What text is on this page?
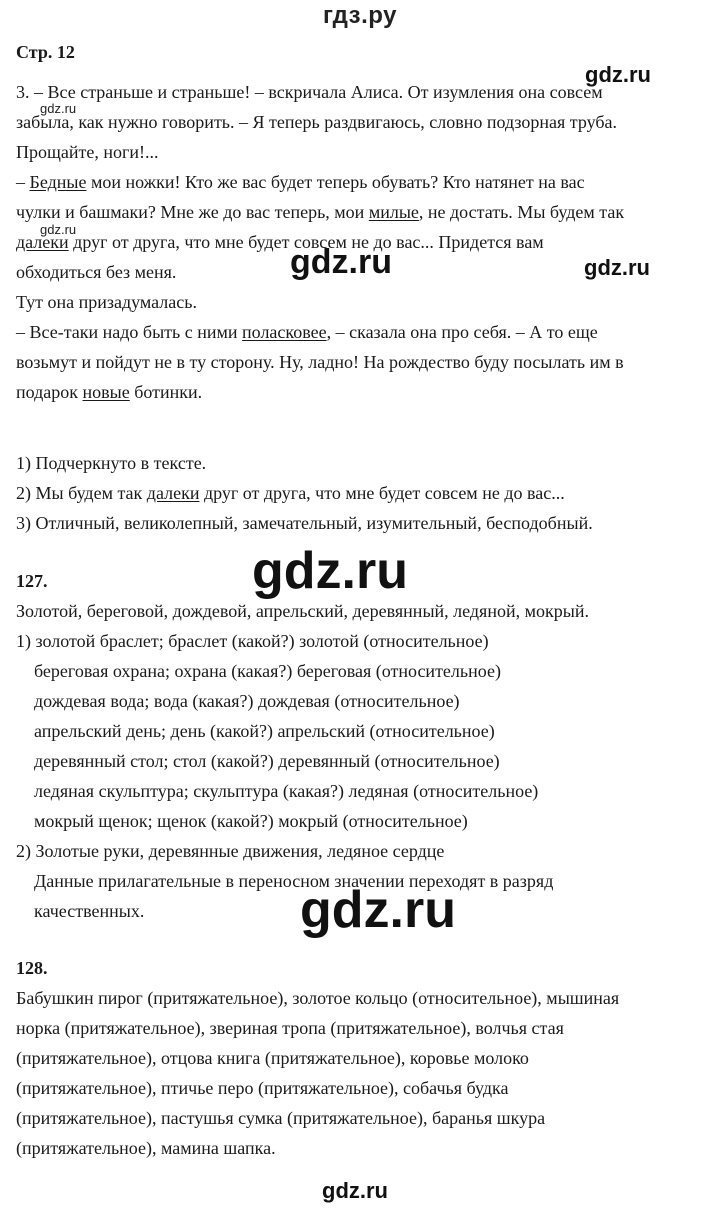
гдз.ру
Стр. 12
gdz.ru
gdz.ru
gdz.ru
gdz.ru	gdz.ru
gdz.ru
gdz.ru
gdz.ru
3. – Все страньше и страньше! – вскричала Алиса. От изумления она совсем
забыла, как нужно говорить. – Я теперь раздвигаюсь, словно подзорная труба.
Прощайте, ноги!...
– Бедные мои ножки! Кто же вас будет теперь обувать? Кто натянет на вас
чулки и башмаки? Мне же до вас теперь, мои милые, не достать. Мы будем так
далеки друг от друга, что мне будет совсем не до вас... Придется вам
обходиться без меня.
Тут она призадумалась.
– Все-таки надо быть с ними поласковее, – сказала она про себя. – А то еще
возьмут и пойдут не в ту сторону. Ну, ладно! На рождество буду посылать им в
подарок новые ботинки.
1) Подчеркнуто в тексте.
2) Мы будем так далеки друг от друга, что мне будет совсем не до вас...
3) Отличный, великолепный, замечательный, изумительный, бесподобный.
127.
Золотой, береговой, дождевой, апрельский, деревянный, ледяной, мокрый.
1) золотой браслет; браслет (какой?) золотой (относительное)
береговая охрана; охрана (какая?) береговая (относительное)
дождевая вода; вода (какая?) дождевая (относительное)
апрельский день; день (какой?) апрельский (относительное)
деревянный стол; стол (какой?) деревянный (относительное)
ледяная скульптура; скульптура (какая?) ледяная (относительное)
мокрый щенок; щенок (какой?) мокрый (относительное)
2) Золотые руки, деревянные движения, ледяное сердце
Данные прилагательные в переносном значении переходят в разряд
качественных.
128.
Бабушкин пирог (притяжательное), золотое кольцо (относительное), мышиная
норка (притяжательное), звериная тропа (притяжательное), волчья стая
(притяжательное), отцова книга (притяжательное), коровье молоко
(притяжательное), птичье перо (притяжательное), собачья будка
(притяжательное), пастушья сумка (притяжательное), баранья шкура
(притяжательное), мамина шапка.
